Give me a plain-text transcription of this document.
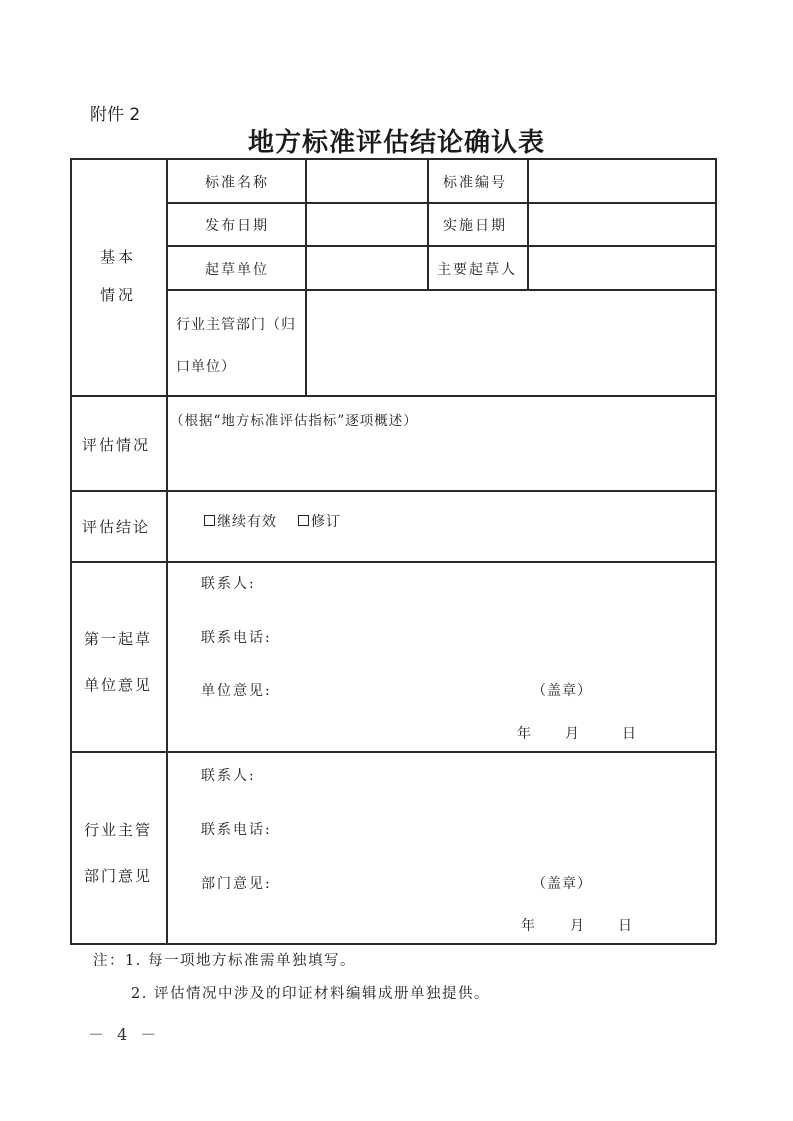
附件 2
地方标准评估结论确认表
基本
情况
标准名称	标准编号
发布日期	实施日期
起草单位	主要起草人
行业主管部门（归
口单位）
评估情况
（根据“地方标准评估指标”逐项概述）
评估结论	继续有效	修订
第一起草
单位意见
联系人:
联系电话:
单位意见:	（盖章）
年 月	日
行业主管
部门意见
联系人:
联系电话:
部门意见:	（盖章）
年 月 日
注：1. 每一项地方标准需单独填写。
2. 评估情况中涉及的印证材料编辑成册单独提供。
－ 4 －
